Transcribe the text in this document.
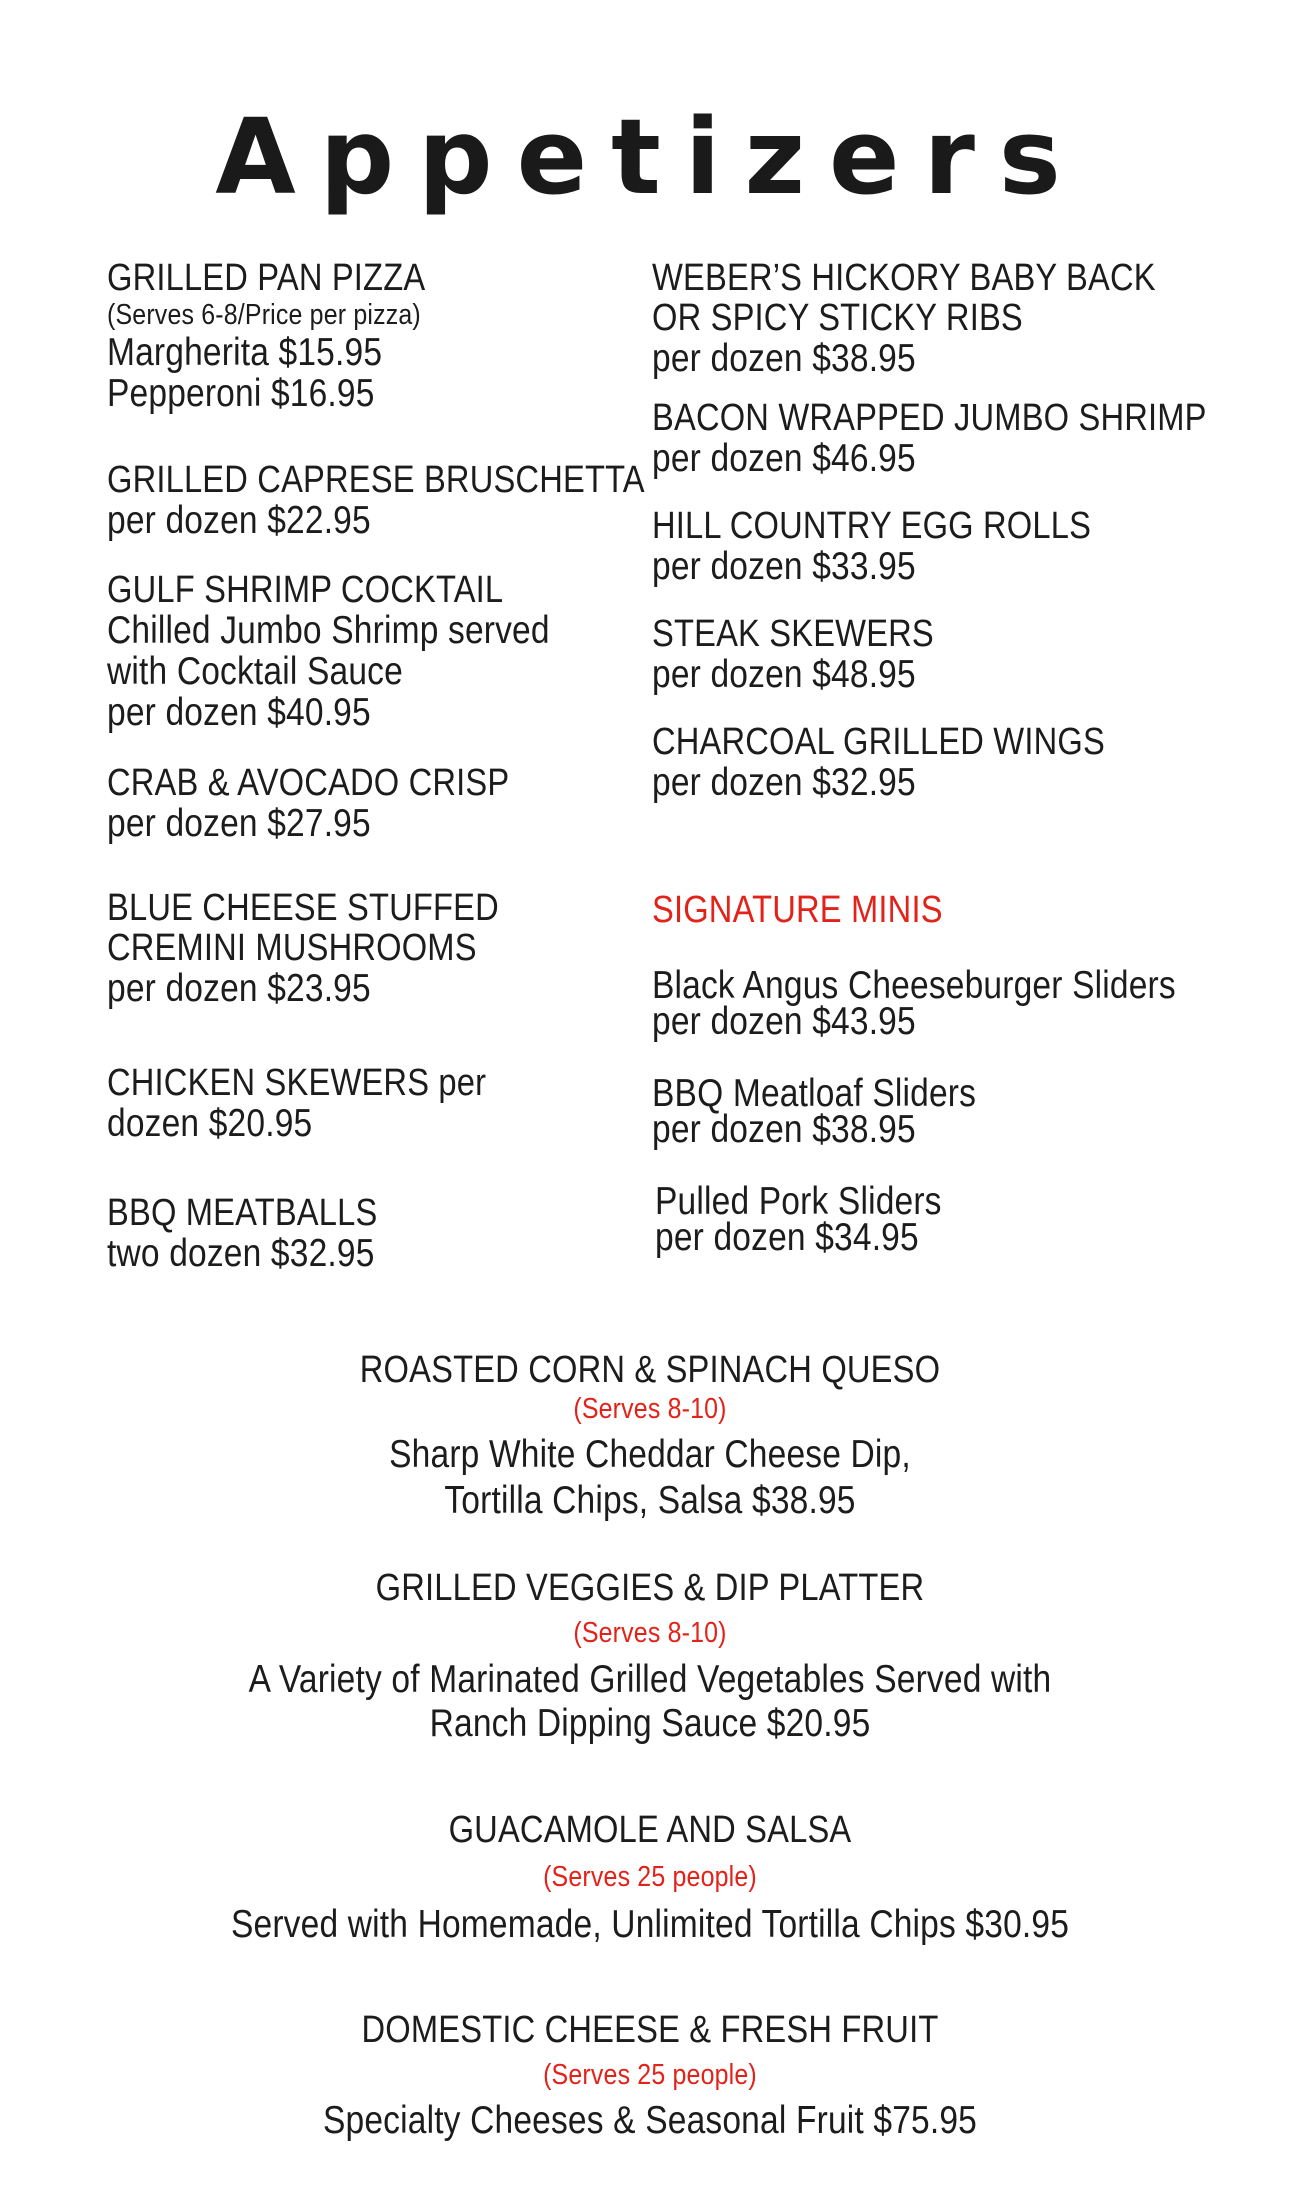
Appetizers
GRILLED PAN PIZZA
(Serves 6-8/Price per pizza)
Margherita $15.95
Pepperoni $16.95
GRILLED CAPRESE BRUSCHETTA
per dozen $22.95
GULF SHRIMP COCKTAIL
Chilled Jumbo Shrimp served
with Cocktail Sauce
per dozen $40.95
CRAB & AVOCADO CRISP
per dozen $27.95
BLUE CHEESE STUFFED
CREMINI MUSHROOMS
per dozen $23.95
CHICKEN SKEWERS per
dozen $20.95
BBQ MEATBALLS
two dozen $32.95
WEBER’S HICKORY BABY BACK
OR SPICY STICKY RIBS
per dozen $38.95
BACON WRAPPED JUMBO SHRIMP
per dozen $46.95
HILL COUNTRY EGG ROLLS
per dozen $33.95
STEAK SKEWERS
per dozen $48.95
CHARCOAL GRILLED WINGS
per dozen $32.95
SIGNATURE MINIS
Black Angus Cheeseburger Sliders
per dozen $43.95
BBQ Meatloaf Sliders
per dozen $38.95
Pulled Pork Sliders
per dozen $34.95
ROASTED CORN & SPINACH QUESO
(Serves 8-10)
Sharp White Cheddar Cheese Dip,
Tortilla Chips, Salsa $38.95
GRILLED VEGGIES & DIP PLATTER
(Serves 8-10)
A Variety of Marinated Grilled Vegetables Served with
Ranch Dipping Sauce $20.95
GUACAMOLE AND SALSA
(Serves 25 people)
Served with Homemade, Unlimited Tortilla Chips $30.95
DOMESTIC CHEESE & FRESH FRUIT
(Serves 25 people)
Specialty Cheeses & Seasonal Fruit $75.95
